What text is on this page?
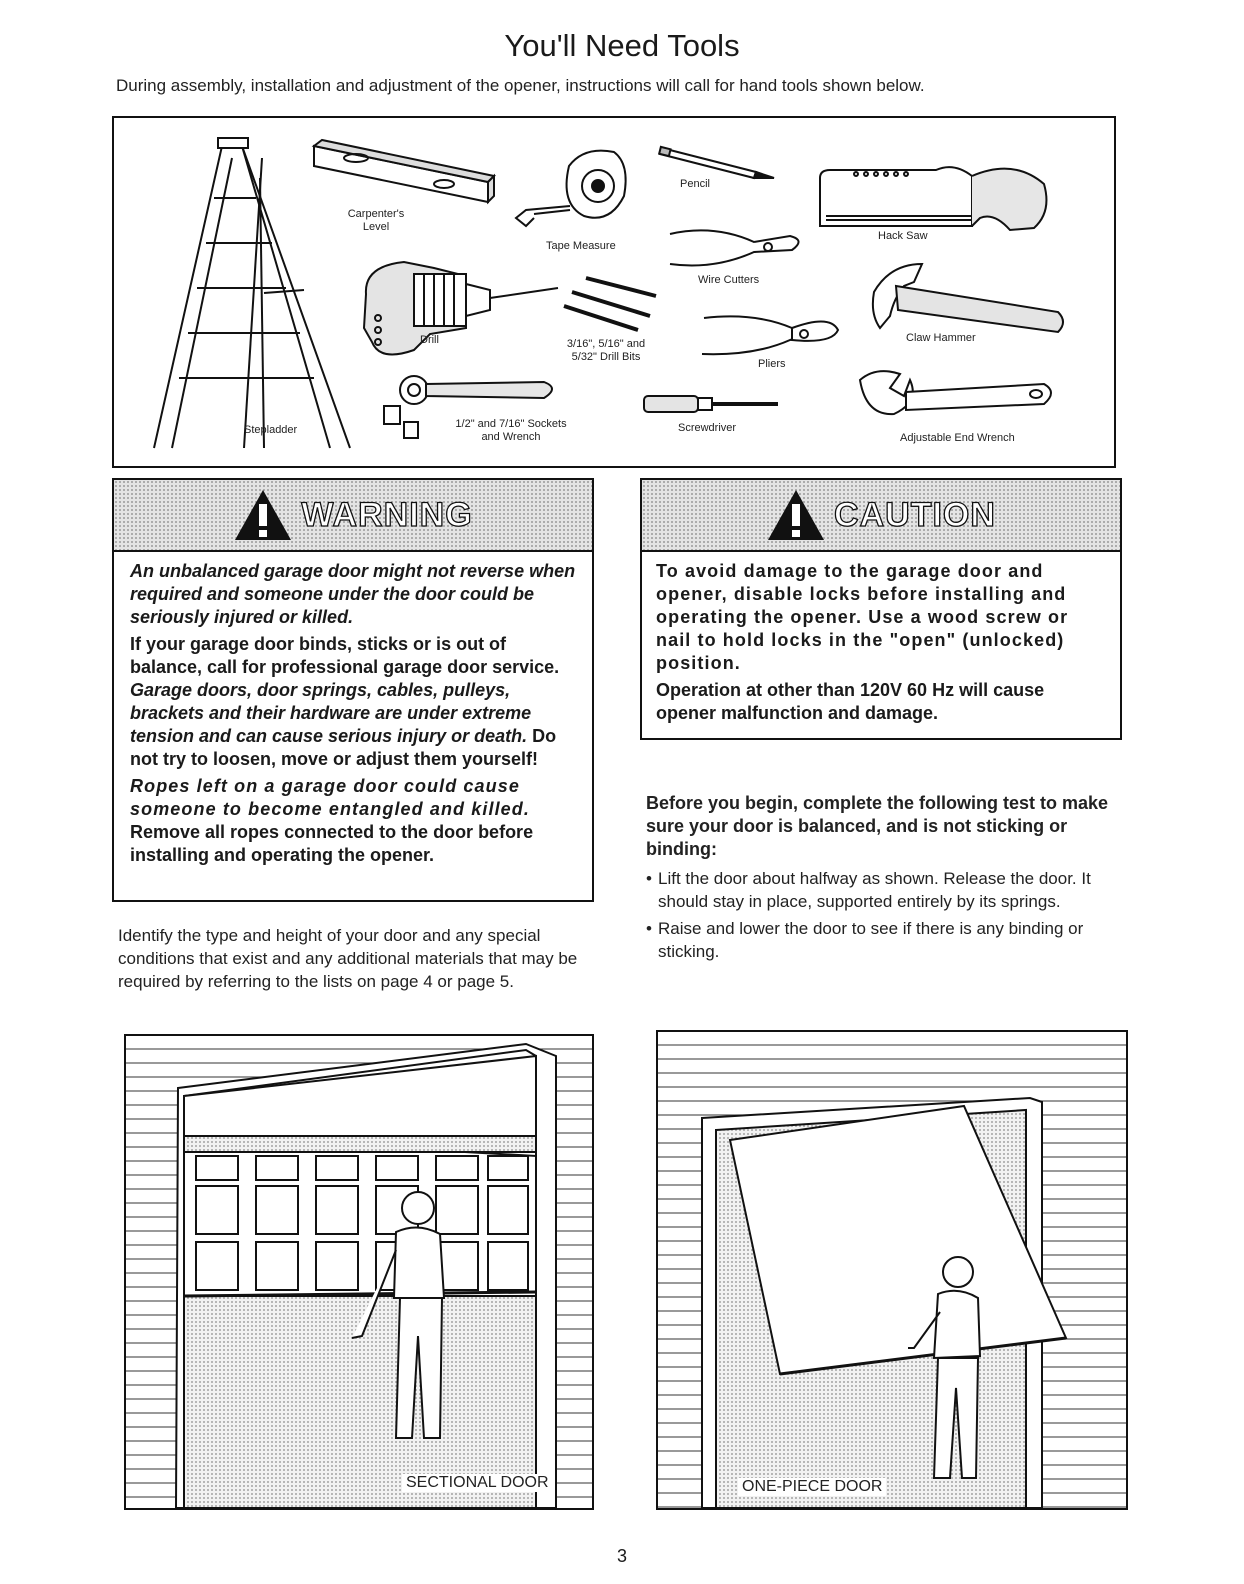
You'll Need Tools
During assembly, installation and adjustment of the opener, instructions will call for hand tools shown below.
Stepladder
Carpenter's
Level
Tape Measure
Pencil
Hack Saw
Wire Cutters
Drill	3/16", 5/16" and
5/32" Drill Bits
Pliers
Claw Hammer
1/2" and 7/16" Sockets
and Wrench
Screwdriver
Adjustable End Wrench
WARNING

An unbalanced garage door might not reverse when required and someone under the door could be seriously injured or killed.

If your garage door binds, sticks or is out of balance, call for professional garage door service. Garage doors, door springs, cables, pulleys, brackets and their hardware are under extreme tension and can cause serious injury or death. Do not try to loosen, move or adjust them yourself!

Ropes left on a garage door could cause someone to become entangled and killed. Remove all ropes connected to the door before installing and operating the opener.

CAUTION

To avoid damage to the garage door and opener, disable locks before installing and operating the opener. Use a wood screw or nail to hold locks in the "open" (unlocked) position.

Operation at other than 120V 60 Hz will cause opener malfunction and damage.

Identify the type and height of your door and any special conditions that exist and any additional materials that may be required by referring to the lists on page 4 or page 5.

Before you begin, complete the following test to make sure your door is balanced, and is not sticking or binding:

• Lift the door about halfway as shown. Release the door. It should stay in place, supported entirely by its springs.
• Raise and lower the door to see if there is any binding or sticking.
SECTIONAL DOOR	ONE-PIECE DOOR
3
